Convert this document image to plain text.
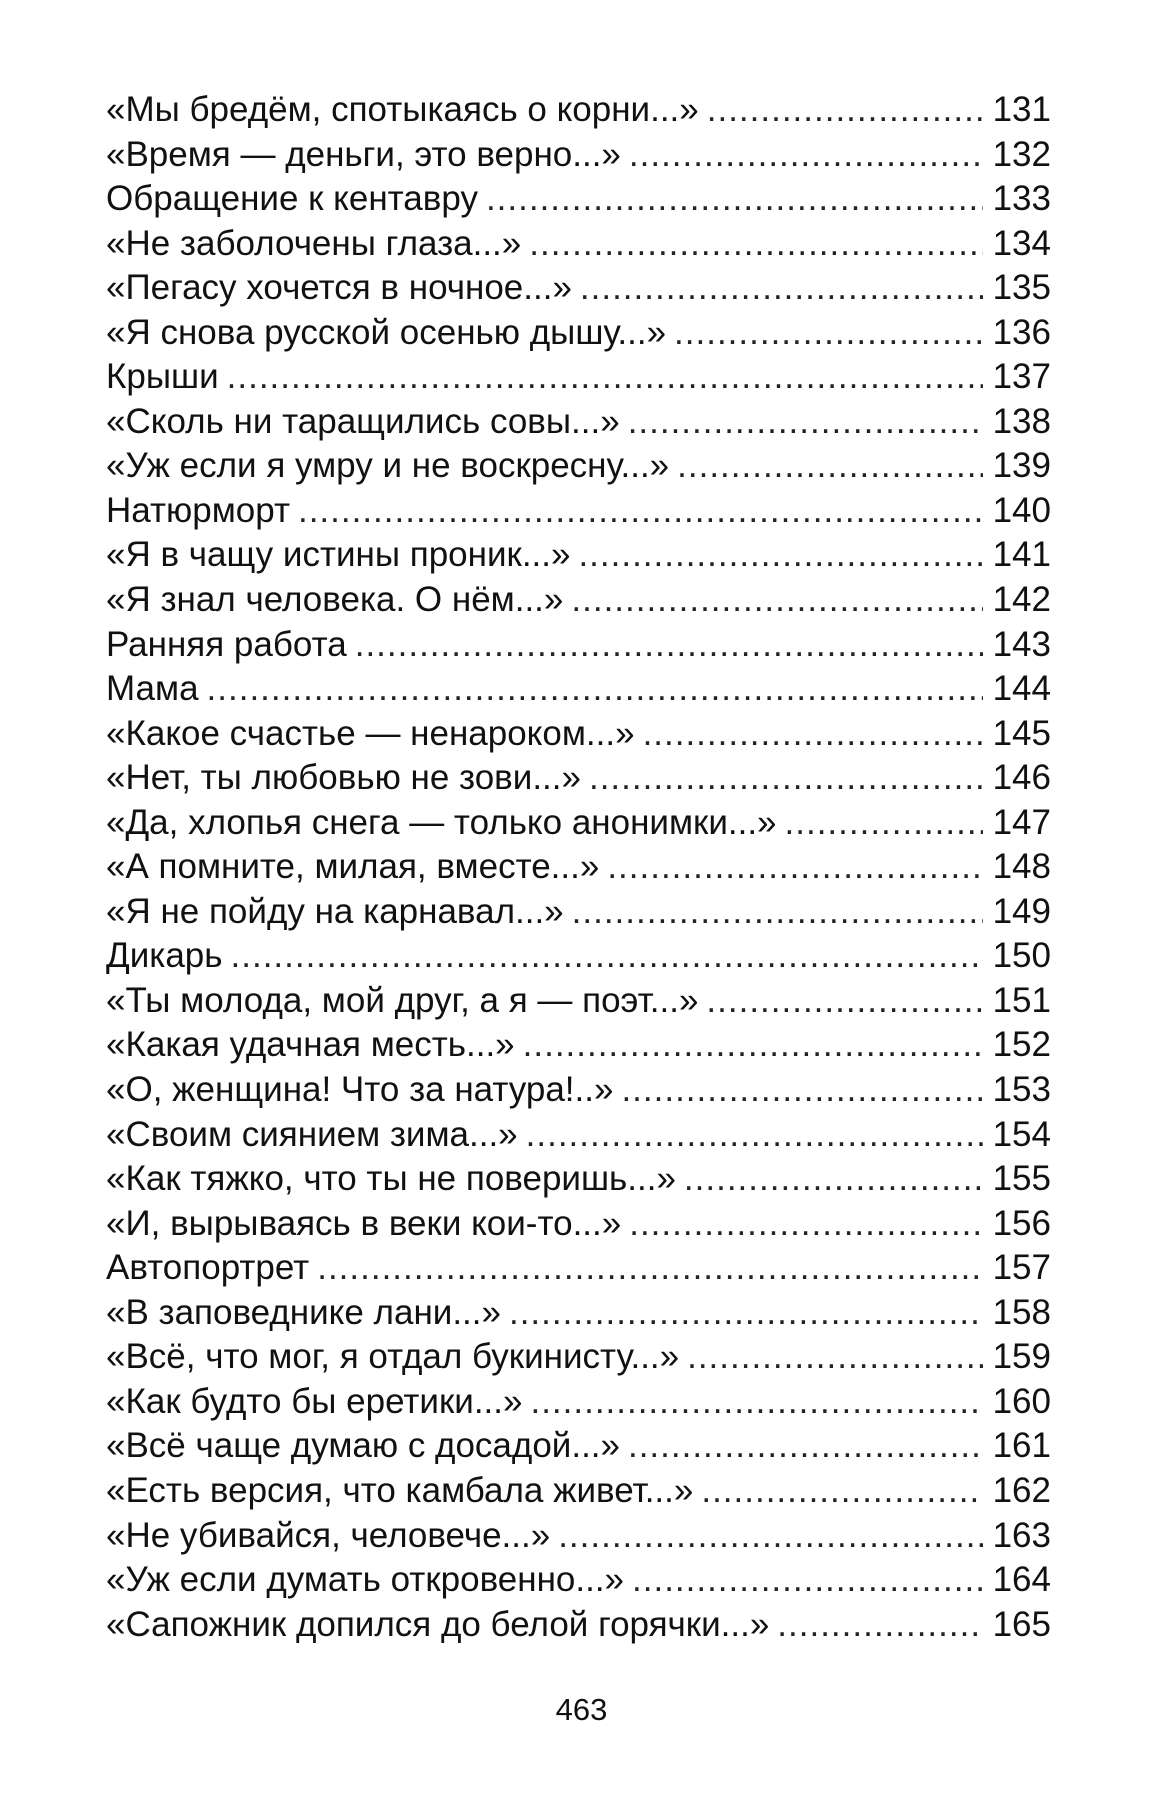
«Мы бредём, спотыкаясь о корни...» .....	131
«Время — деньги, это верно...» .....	132
Обращение к кентавру .....	133
«Не заболочены глаза...» .....	134
«Пегасу хочется в ночное...» .....	135
«Я снова русской осенью дышу...» .....	136
Крыши .....	137
«Сколь ни таращились совы...» .....	138
«Уж если я умру и не воскресну...» .....	139
Натюрморт .....	140
«Я в чащу истины проник...» .....	141
«Я знал человека. О нём...» .....	142
Ранняя работа .....	143
Мама .....	144
«Какое счастье — ненароком...» .....	145
«Нет, ты любовью не зови...» .....	146
«Да, хлопья снега — только анонимки...» .....	147
«А помните, милая, вместе...» .....	148
«Я не пойду на карнавал...» .....	149
Дикарь .....	150
«Ты молода, мой друг, а я — поэт...» .....	151
«Какая удачная месть...» .....	152
«О, женщина! Что за натура!..» .....	153
«Своим сиянием зима...» .....	154
«Как тяжко, что ты не поверишь...» .....	155
«И, вырываясь в веки кои-то...» .....	156
Автопортрет .....	157
«В заповеднике лани...» .....	158
«Всё, что мог, я отдал букинисту...» .....	159
«Как будто бы еретики...» .....	160
«Всё чаще думаю с досадой...» .....	161
«Есть версия, что камбала живет...» .....	162
«Не убивайся, человече...» .....	163
«Уж если думать откровенно...» .....	164
«Сапожник допился до белой горячки...» .....	165
463
